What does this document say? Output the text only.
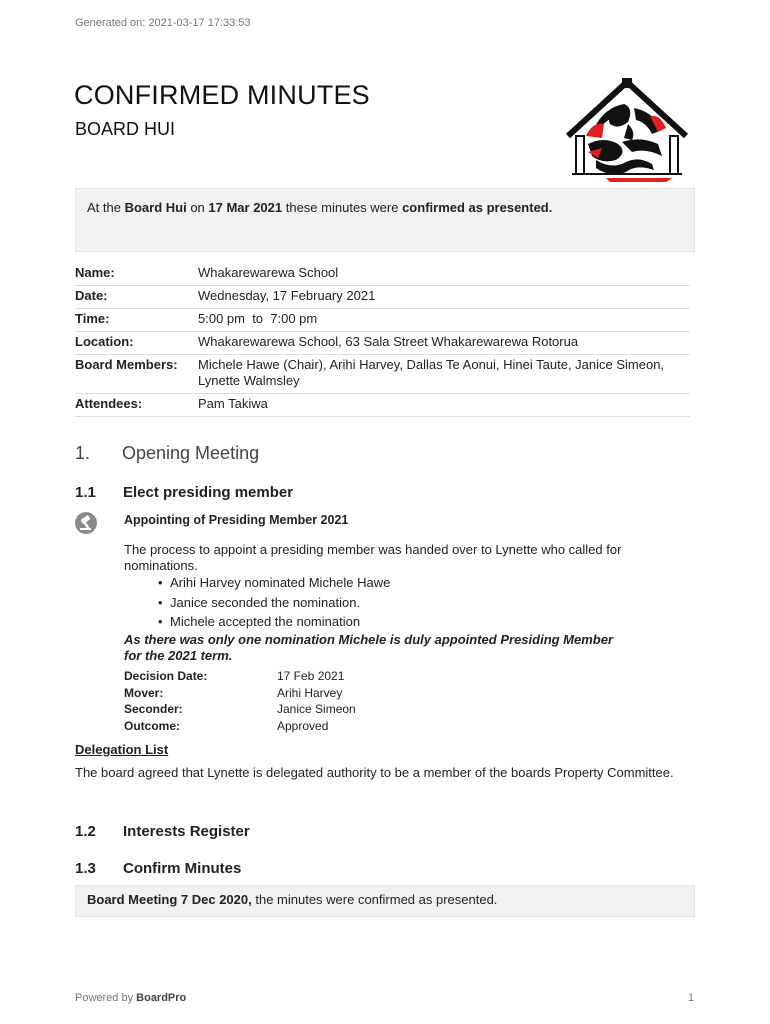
Generated on: 2021-03-17 17:33:53
CONFIRMED MINUTES
BOARD HUI
At the Board Hui on 17 Mar 2021 these minutes were confirmed as presented.
Name:	Whakarewarewa School
Date:	Wednesday, 17 February 2021
Time:	5:00 pm  to  7:00 pm
Location:	Whakarewarewa School, 63 Sala Street Whakarewarewa Rotorua
Board Members:	Michele Hawe (Chair), Arihi Harvey, Dallas Te Aonui, Hinei Taute, Janice Simeon, Lynette Walmsley
Attendees:	Pam Takiwa
1. Opening Meeting
1.1 Elect presiding member
Appointing of Presiding Member 2021
The process to appoint a presiding member was handed over to Lynette who called for nominations.
• Arihi Harvey nominated Michele Hawe
• Janice seconded the nomination.
• Michele accepted the nomination
As there was only one nomination Michele is duly appointed Presiding Member for the 2021 term.
Decision Date:	17 Feb 2021
Mover:	Arihi Harvey
Seconder:	Janice Simeon
Outcome:	Approved
Delegation List
The board agreed that Lynette is delegated authority to be a member of the boards Property Committee.
1.2 Interests Register
1.3 Confirm Minutes
Board Meeting 7 Dec 2020, the minutes were confirmed as presented.
Powered by BoardPro	1
